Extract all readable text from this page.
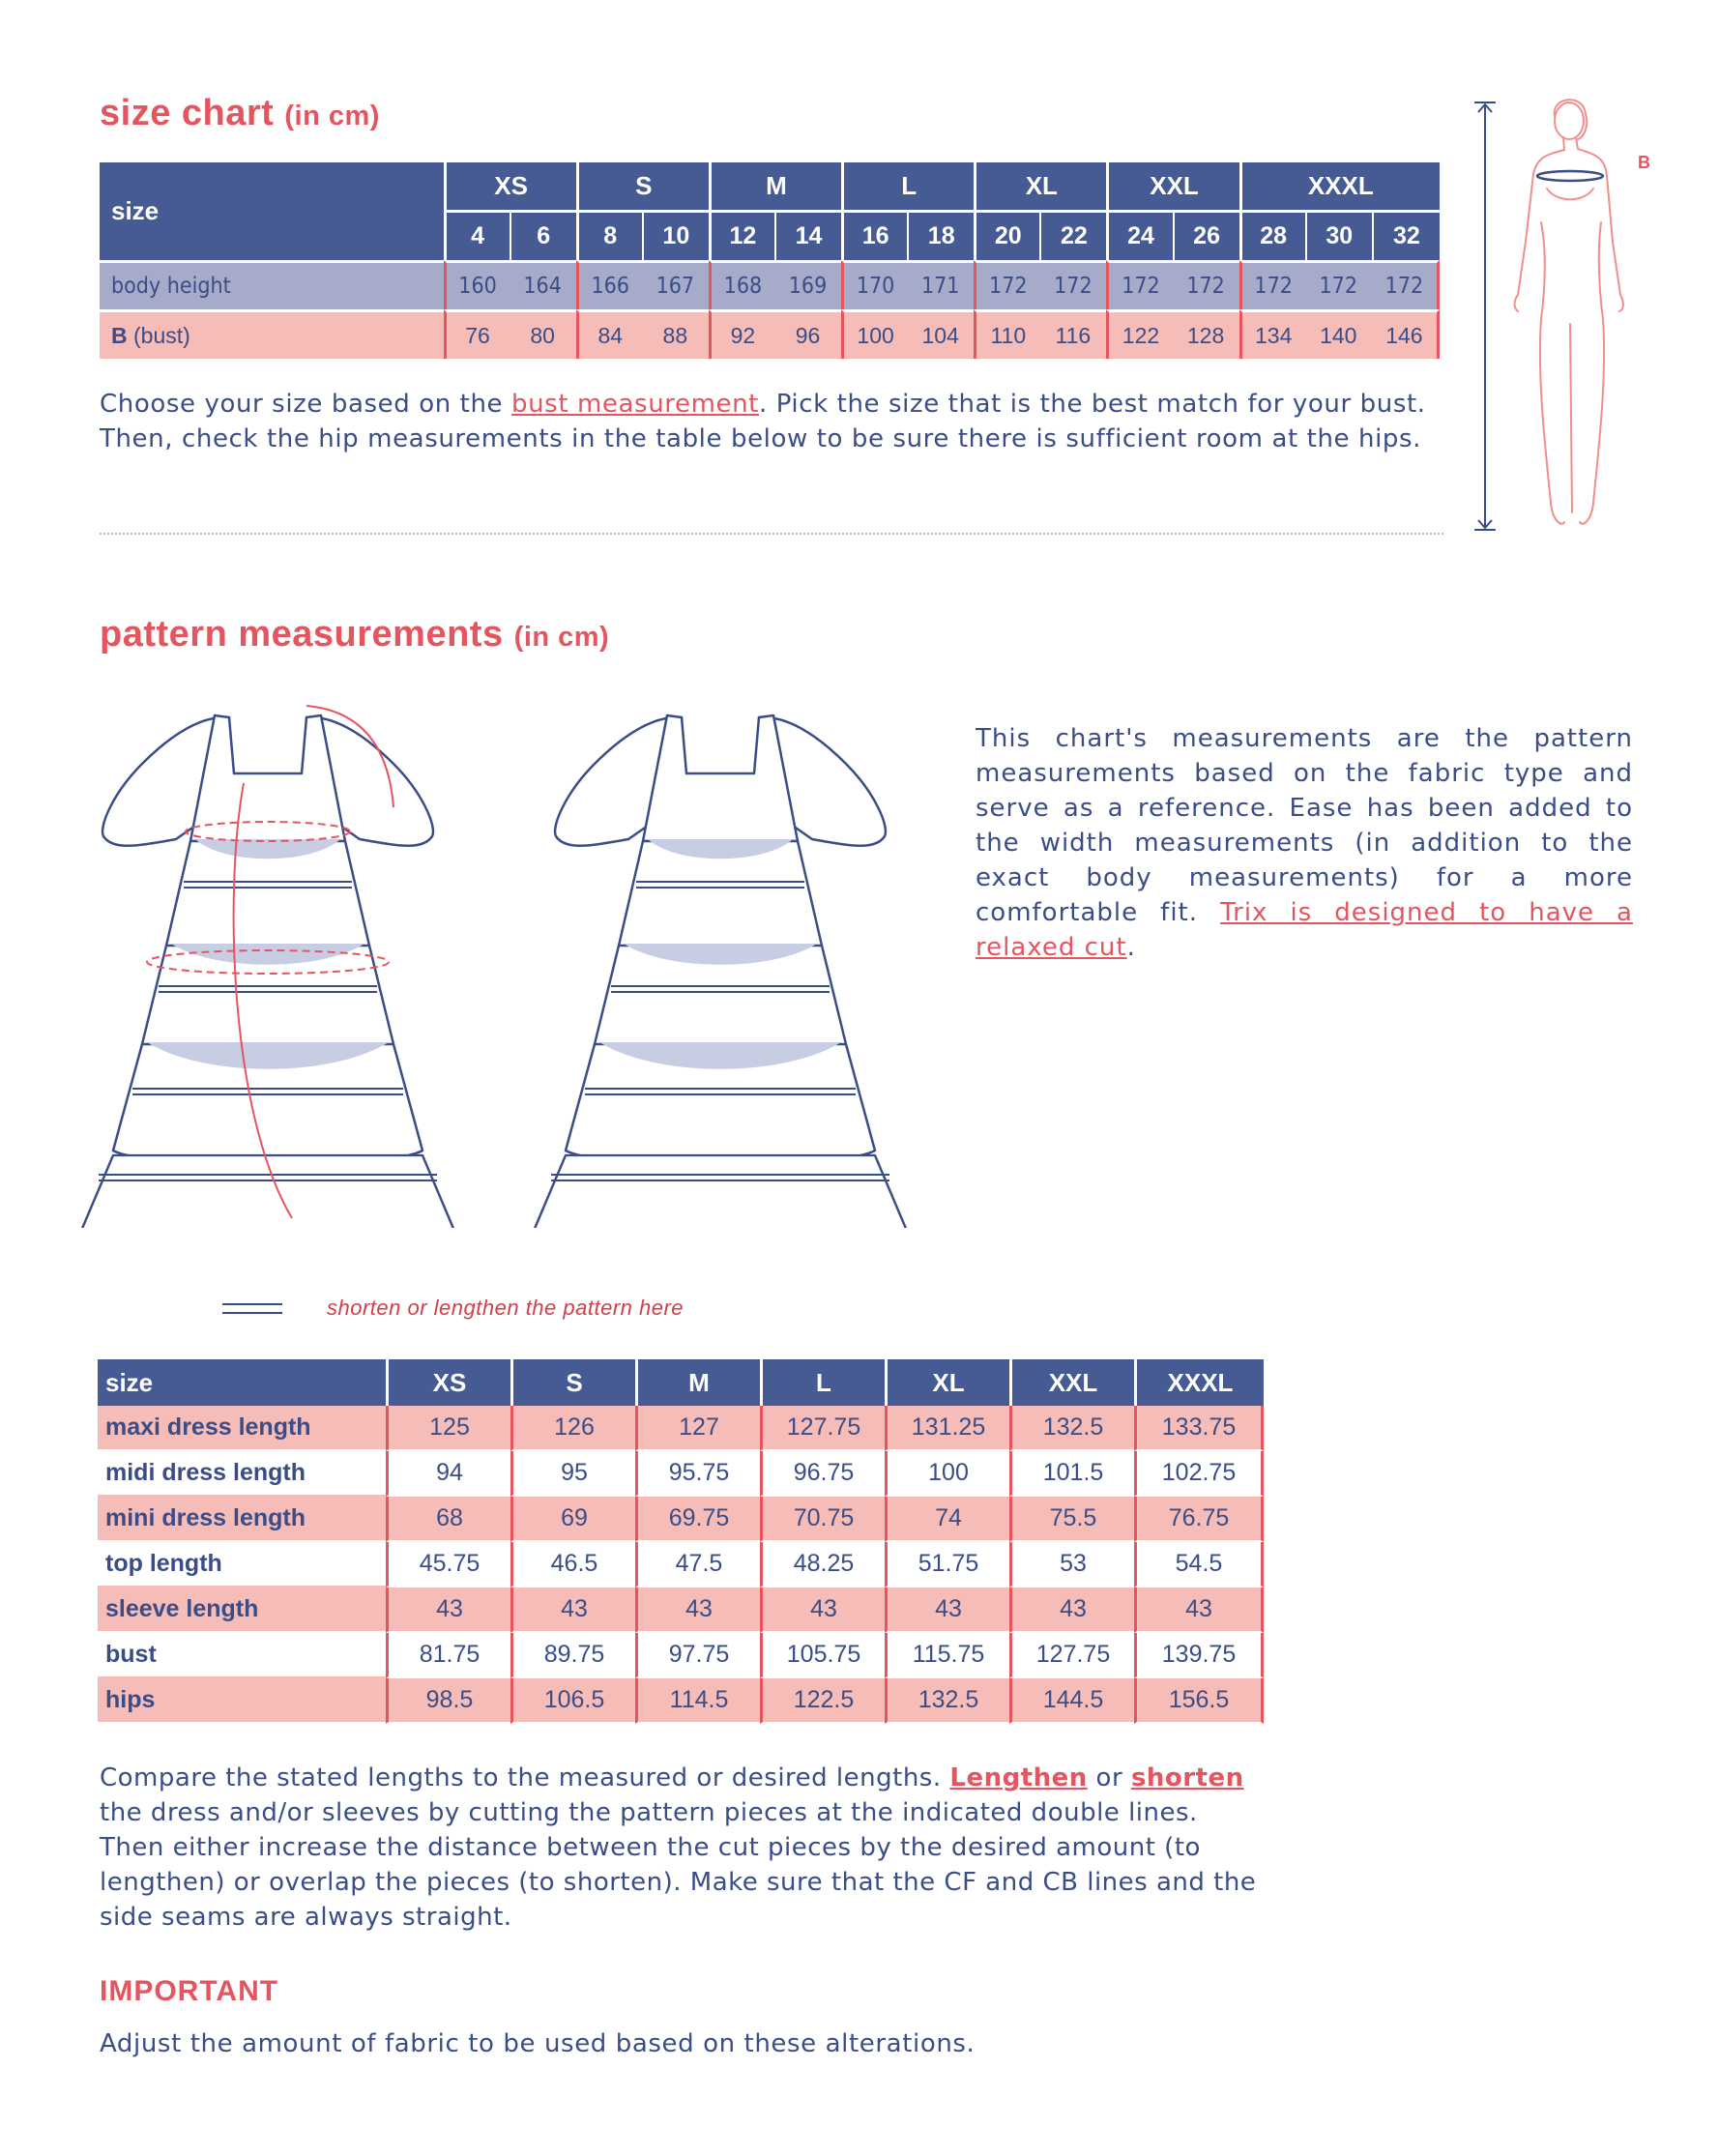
size chart (in cm)
size	XS		S		M		L		XL		XXL		XXXL		
	4	6	8	10	12	14	16	18	20	22	24	26	28	30	32
body height	160	164	166	167	168	169	170	171	172	172	172	172	172	172	172
B (bust)	76	80	84	88	92	96	100	104	110	116	122	128	134	140	146

Choose your size based on the bust measurement. Pick the size that is the best match for your bust.
Then, check the hip measurements in the table below to be sure there is sufficient room at the hips.

B
pattern measurements (in cm)

This chart's measurements are the pattern measurements based on the fabric type and serve as a reference. Ease has been added to the width measurements (in addition to the exact body measurements) for a more comfortable fit. Trix is designed to have a relaxed cut.

shorten or lengthen the pattern here
size	XS	S	M	L	XL	XXL	XXXL
maxi dress length	125	126	127	127.75	131.25	132.5	133.75
midi dress length	94	95	95.75	96.75	100	101.5	102.75
mini dress length	68	69	69.75	70.75	74	75.5	76.75
top length	45.75	46.5	47.5	48.25	51.75	53	54.5
sleeve length	43	43	43	43	43	43	43
bust	81.75	89.75	97.75	105.75	115.75	127.75	139.75
hips	98.5	106.5	114.5	122.5	132.5	144.5	156.5

Compare the stated lengths to the measured or desired lengths. Lengthen or shorten the dress and/or sleeves by cutting the pattern pieces at the indicated double lines. Then either increase the distance between the cut pieces by the desired amount (to lengthen) or overlap the pieces (to shorten). Make sure that the CF and CB lines and the side seams are always straight.

IMPORTANT

Adjust the amount of fabric to be used based on these alterations.
